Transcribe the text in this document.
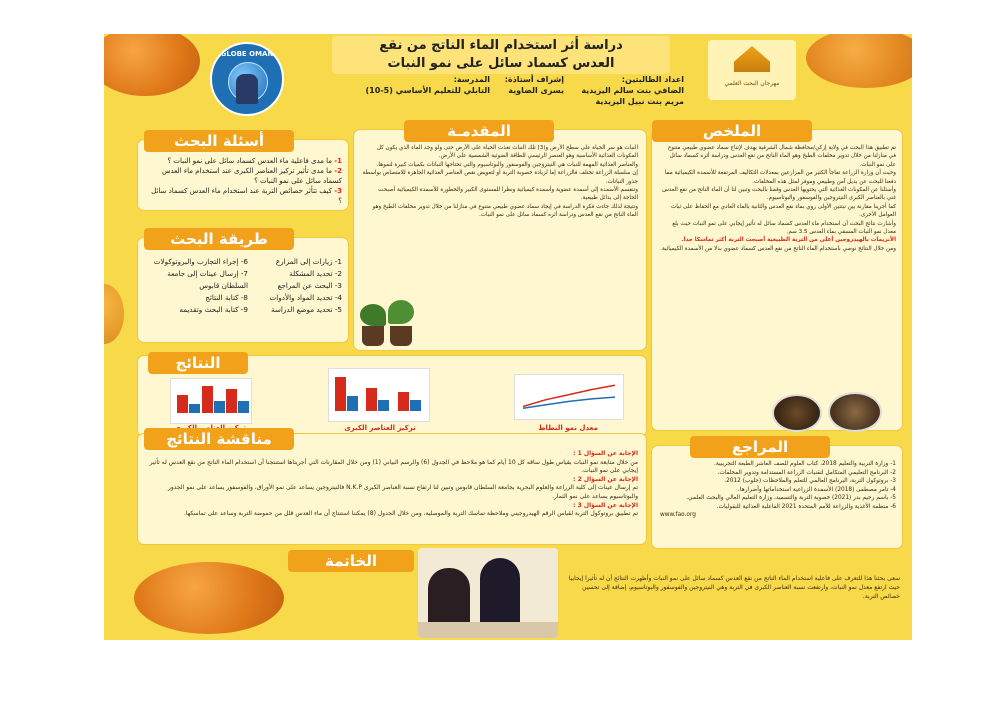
GLOBE OMAN
دراسة أثر استخدام الماء الناتج من نقع
العدس كسماد سائل على نمو النبات
اعداد الطالبتين:
الضافي بنت سالم اليزيدية
مريم بنت نبيل اليزيدية
إشراف أستاذة:
يسرى الضاوية
المدرسة:
التابلي للتعليم الأساسي (5-10)
مهرجان البحث العلمي
الملخص

تم تطبيق هذا البحث في ولاية إزكي/محافظة شمال الشرقية يهدف لإنتاج سماد عضوي طبيعي متنوع في منازلنا من خلال تدوير مخلفات الطبخ وهو الماء الناتج من نقع العدس ودراسة أثره كسماد سائل على نمو النبات.

وحيث أن وزارة الزراعة تفاجأ الكثير من المزارعين بمعدلات التكاليف المرتفعة للأسمدة الكيميائية مما دفعنا للبحث عن بديل آمن وطبيعي وموفر لمثل هذه المخلفات.

وأسئلنا عن المكونات الغذائية التي يحتويها العدس وقمنا بالبحث وتبين لنا أن الماء الناتج من نقع العدس غني بالعناصر الكبرى النيتروجين والفوسفور والبوتاسيوم.

كما أجرينا مقارنة بين نبتتين الأولى روي بماء نقع العدس والثانية بالماء العادي مع الحفاظ على ثبات العوامل الأخرى.

وأشارت نتائج البحث أن استخدام ماء العدس كسماد سائل له تأثير إيجابي على نمو النبات حيث بلغ معدل نمو النبات المسقي بماء العدس 3.5 سم.

الأنزيمات بالهيدروجين أعلى من التربة الطبيعية أصبحت التربة أكثر تماسكا جدا.

ومن خلال النتائج نوصي باستخدام الماء الناتج من نقع العدس كسماد عضوي بدلا من الأسمدة الكيميائية.

المقدمـة

النبات هو سر الحياة على سطح الأرض و(3) تلك النبات تغذت الحياة على الأرض حتى ولو وجد الماء الذي يكون كل المكونات الغذائية الأساسية وهو العنصر الرئيسي للطاقة الضوئية الشمسية على الأرض.

والعناصر الغذائية المهمة للنبات هي النيتروجين والفوسفور والبوتاسيوم والتي تحتاجها النباتات بكميات كبيرة لنموها.

إن سلسلة الزراعة تختلف فالزراعة إما لزيادة خصوبة التربة أو لتعويض نقص العناصر الغذائية الجاهزة للامتصاص بواسطة جذور النباتات.

وتنقسم الأسمدة إلى أسمدة عضوية وأسمدة كيميائية ونظرا للمستوى الكبير والخطورة للأسمدة الكيميائية أصبحت الحاجة إلى بدائل طبيعية.

ونتيجة لذلك جاءت فكرة الدراسة في إيجاد سماد عضوي طبيعي متنوع في منازلنا من خلال تدوير مخلفات الطبخ وهو الماء الناتج من نقع العدس ودراسة أثره كسماد سائل على نمو النبات.

أسئلة البحث
1- ما مدى فاعلية ماء العدس كسماد سائل على نمو النبات ؟
2- ما مدى تأثير تركيز العناصر الكبرى عند استخدام ماء العدس كسماد سائل على نمو النبات ؟
3- كيف تتأثر خصائص التربة عند استخدام ماء العدس كسماد سائل ؟
طريقة البحث
1- زيارات إلى المزارع
2- تحديد المشكلة
3- البحث عن المراجع
4- تحديد المواد والأدوات
5- تحديد موضع الدراسة
6- إجراء التجارب والبروتوكولات
7- إرسال عينات إلى جامعة السلطان قابوس
8- كتابة النتائج
9- كتابة البحث وتقديمه
النتائج
تركيز العناصر الكبرى	معدل نمو النطاط
مناقشة النتائج

الإجابة عن السؤال 1 :

من خلال متابعة نمو النبات بقياس طول ساقه كل 10 أيام كما هو ملاحظ في الجدول (6) والرسم البياني (1) ومن خلال المقارنات التي أجريناها استنتجنا أن استخدام الماء الناتج من نقع العدس له تأثير إيجابي على نمو النبات.

الإجابة عن السؤال 2 :

تم إرسال عينات إلى كلية الزراعة والعلوم البحرية بجامعة السلطان قابوس وتبين لنا ارتفاع نسبة العناصر الكبرى N.K.P فالنيتروجين يساعد على نمو الأوراق، والفوسفور يساعد على نمو الجذور والبوتاسيوم يساعد على نمو الثمار.

الإجابة عن السؤال 3 :

تم تطبيق بروتوكول التربة لقياس الرقم الهيدروجيني وملاحظة تماسك التربة والموصلية، ومن خلال الجدول (8) يمكننا استنتاج أن ماء العدس قلل من حموضة التربة وساعد على تماسكها.

المراجع

1- وزارة التربية والتعليم 2018، كتاب العلوم للصف العاشر الطبعة التجريبية.

2- البرنامج التعليمي المتكامل لتقنيات الزراعة المستدامة وتدوير المخلفات.

3- بروتوكول التربة، البرنامج العالمي للتعلم والملاحظات (جلوب) 2012.

4- تامر مصطفى (2018) الأسمدة الزراعية استخداماتها وأضرارها.

5- باسم رحيم بدر (2021) خصوبة التربة والتسميد، وزارة التعليم العالي والبحث العلمي.

6- منظمة الأغذية والزراعة للأمم المتحدة 2021 الفاعلية الغذائية للبقوليات.

www.fao.org

الخاتمة
سعى بحثنا هذا للتعرف على فاعلية استخدام الماء الناتج من نقع العدس كسماد سائل على نمو النبات وأظهرت النتائج أن له تأثيرا إيجابيا حيث ارتفع معدل نمو النبات، وارتفعت نسبة العناصر الكبرى في التربة وهي النيتروجين والفوسفور والبوتاسيوم، إضافة إلى تحسين خصائص التربة.
